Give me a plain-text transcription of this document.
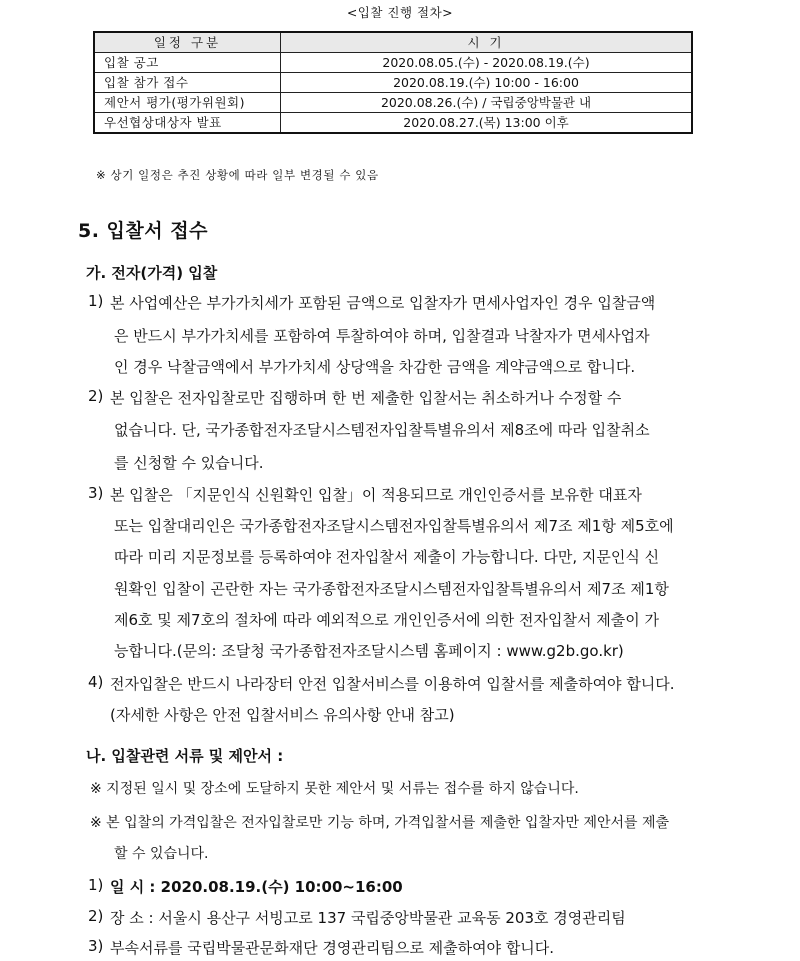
<입찰 진행 절차>
일정 구분	시 기
입찰 공고	2020.08.05.(수) - 2020.08.19.(수)
입찰 참가 접수	2020.08.19.(수) 10:00 - 16:00
제안서 평가(평가위원회)	2020.08.26.(수) / 국립중앙박물관 내
우선협상대상자 발표	2020.08.27.(목) 13:00 이후
※ 상기 일정은 추진 상황에 따라 일부 변경될 수 있음
5. 입찰서 접수
가. 전자(가격) 입찰
1) 본 사업예산은 부가가치세가 포함된 금액으로 입찰자가 면세사업자인 경우 입찰금액
은 반드시 부가가치세를 포함하여 투찰하여야 하며, 입찰결과 낙찰자가 면세사업자
인 경우 낙찰금액에서 부가가치세 상당액을 차감한 금액을 계약금액으로 합니다.
2) 본 입찰은 전자입찰로만 집행하며 한 번 제출한 입찰서는 취소하거나 수정할 수
없습니다. 단, 국가종합전자조달시스템전자입찰특별유의서 제8조에 따라 입찰취소
를 신청할 수 있습니다.
3) 본 입찰은 「지문인식 신원확인 입찰」이 적용되므로 개인인증서를 보유한 대표자
또는 입찰대리인은 국가종합전자조달시스템전자입찰특별유의서 제7조 제1항 제5호에
따라 미리 지문정보를 등록하여야 전자입찰서 제출이 가능합니다. 다만, 지문인식 신
원확인 입찰이 곤란한 자는 국가종합전자조달시스템전자입찰특별유의서 제7조 제1항
제6호 및 제7호의 절차에 따라 예외적으로 개인인증서에 의한 전자입찰서 제출이 가
능합니다.(문의: 조달청 국가종합전자조달시스템 홈페이지 : www.g2b.go.kr)
4) 전자입찰은 반드시 나라장터 안전 입찰서비스를 이용하여 입찰서를 제출하여야 합니다.
(자세한 사항은 안전 입찰서비스 유의사항 안내 참고)
나. 입찰관련 서류 및 제안서 :
※ 지정된 일시 및 장소에 도달하지 못한 제안서 및 서류는 접수를 하지 않습니다.
※ 본 입찰의 가격입찰은 전자입찰로만 기능 하며, 가격입찰서를 제출한 입찰자만 제안서를 제출
할 수 있습니다.
1) 일 시 : 2020.08.19.(수) 10:00~16:00
2) 장 소 : 서울시 용산구 서빙고로 137 국립중앙박물관 교육동 203호 경영관리팀
3) 부속서류를 국립박물관문화재단 경영관리팀으로 제출하여야 합니다.
